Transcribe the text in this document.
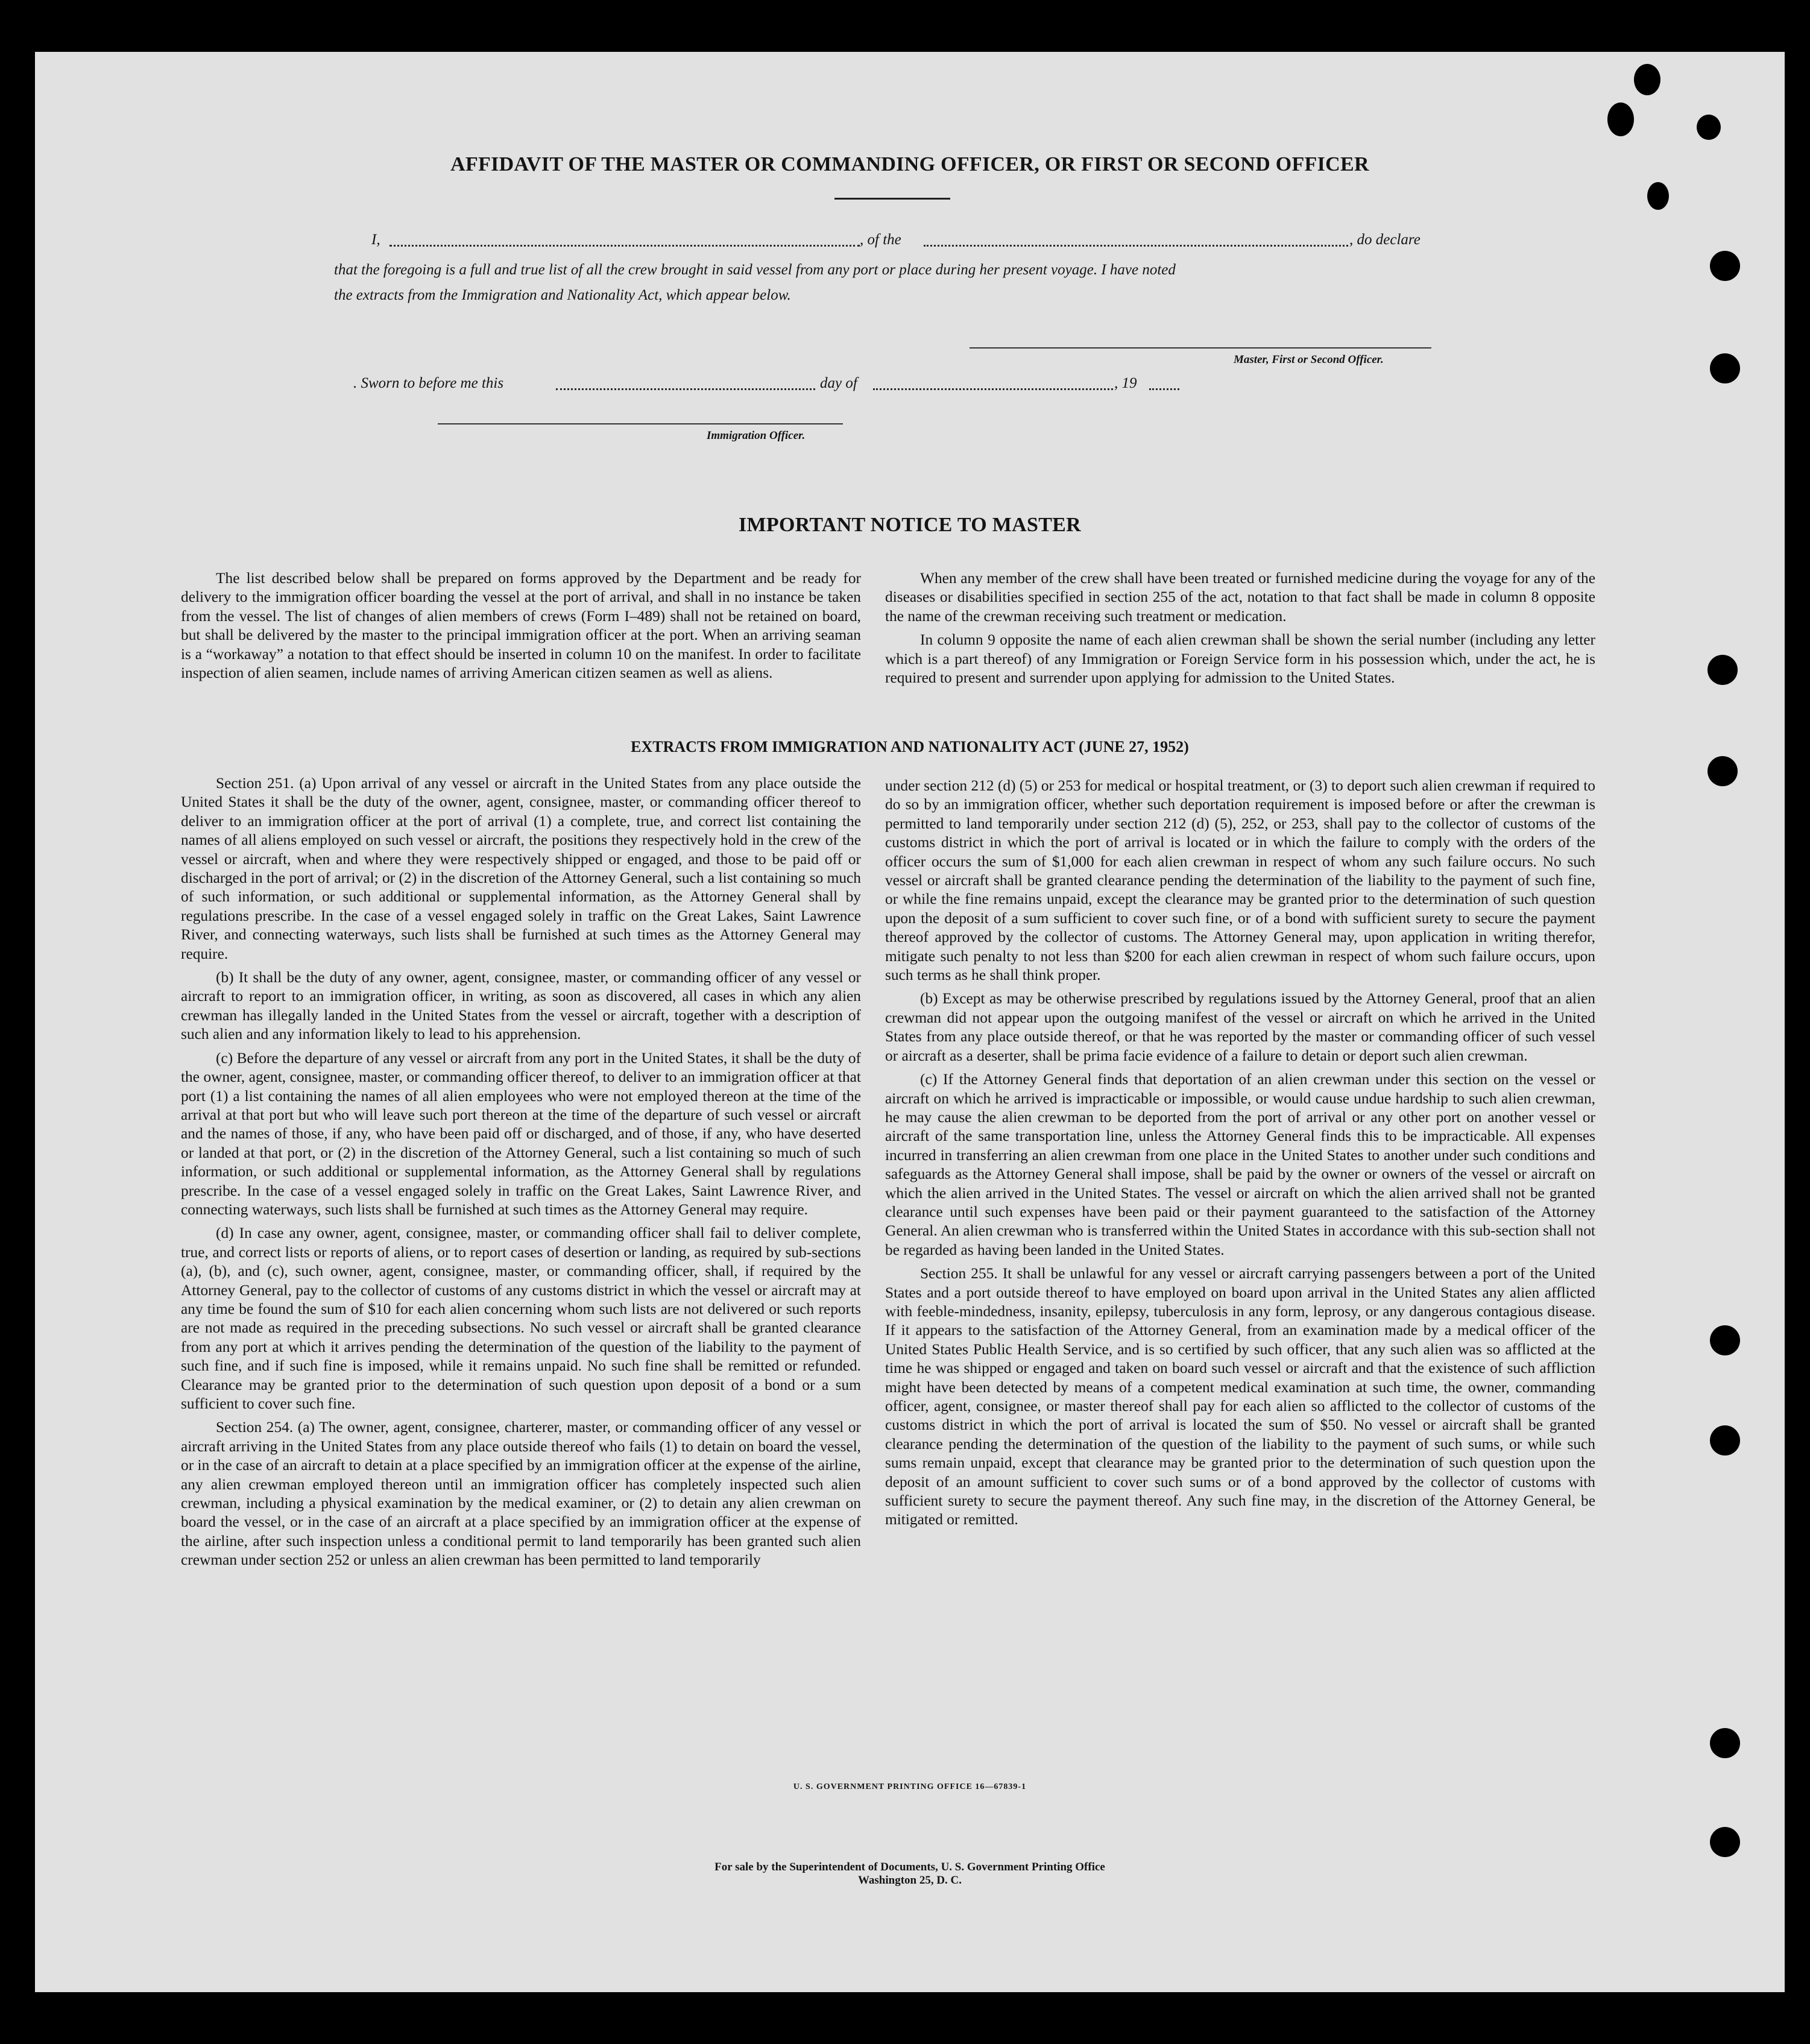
AFFIDAVIT OF THE MASTER OR COMMANDING OFFICER, OR FIRST OR SECOND OFFICER
I,	, of the	, do declare
that the foregoing is a full and true list of all the crew brought in said vessel from any port or place during her present voyage. I have noted
the extracts from the Immigration and Nationality Act, which appear below.
Master, First or Second Officer.
. Sworn to before me this	day of	, 19
Immigration Officer.
IMPORTANT NOTICE TO MASTER

The list described below shall be prepared on forms approved by the Department and be ready for delivery to the immigration officer boarding the vessel at the port of arrival, and shall in no instance be taken from the vessel. The list of changes of alien members of crews (Form I–489) shall not be retained on board, but shall be delivered by the master to the principal immigration officer at the port. When an arriving seaman is a “workaway” a notation to that effect should be inserted in column 10 on the manifest. In order to facilitate inspection of alien seamen, include names of arriving American citizen seamen as well as aliens.

When any member of the crew shall have been treated or furnished medicine during the voyage for any of the diseases or disabilities specified in section 255 of the act, notation to that fact shall be made in column 8 opposite the name of the crewman receiving such treatment or medication.

In column 9 opposite the name of each alien crewman shall be shown the serial number (including any letter which is a part thereof) of any Immigration or Foreign Service form in his possession which, under the act, he is required to present and surrender upon applying for admission to the United States.

EXTRACTS FROM IMMIGRATION AND NATIONALITY ACT (JUNE 27, 1952)

Section 251. (a) Upon arrival of any vessel or aircraft in the United States from any place outside the United States it shall be the duty of the owner, agent, consignee, master, or commanding officer thereof to deliver to an immigration officer at the port of arrival (1) a complete, true, and correct list containing the names of all aliens employed on such vessel or aircraft, the positions they respectively hold in the crew of the vessel or aircraft, when and where they were respectively shipped or engaged, and those to be paid off or discharged in the port of arrival; or (2) in the discretion of the Attorney General, such a list containing so much of such information, or such additional or supplemental information, as the Attorney General shall by regulations prescribe. In the case of a vessel engaged solely in traffic on the Great Lakes, Saint Lawrence River, and connecting waterways, such lists shall be furnished at such times as the Attorney General may require.

(b) It shall be the duty of any owner, agent, consignee, master, or commanding officer of any vessel or aircraft to report to an immigration officer, in writing, as soon as discovered, all cases in which any alien crewman has illegally landed in the United States from the vessel or aircraft, together with a description of such alien and any information likely to lead to his apprehension.

(c) Before the departure of any vessel or aircraft from any port in the United States, it shall be the duty of the owner, agent, consignee, master, or commanding officer thereof, to deliver to an immigration officer at that port (1) a list containing the names of all alien employees who were not employed thereon at the time of the arrival at that port but who will leave such port thereon at the time of the departure of such vessel or aircraft and the names of those, if any, who have been paid off or discharged, and of those, if any, who have deserted or landed at that port, or (2) in the discretion of the Attorney General, such a list containing so much of such information, or such additional or supplemental information, as the Attorney General shall by regulations prescribe. In the case of a vessel engaged solely in traffic on the Great Lakes, Saint Lawrence River, and connecting waterways, such lists shall be furnished at such times as the Attorney General may require.

(d) In case any owner, agent, consignee, master, or commanding officer shall fail to deliver complete, true, and correct lists or reports of aliens, or to report cases of desertion or landing, as required by sub-sections (a), (b), and (c), such owner, agent, consignee, master, or commanding officer, shall, if required by the Attorney General, pay to the collector of customs of any customs district in which the vessel or aircraft may at any time be found the sum of $10 for each alien concerning whom such lists are not delivered or such reports are not made as required in the preceding subsections. No such vessel or aircraft shall be granted clearance from any port at which it arrives pending the determination of the question of the liability to the payment of such fine, and if such fine is imposed, while it remains unpaid. No such fine shall be remitted or refunded. Clearance may be granted prior to the determination of such question upon deposit of a bond or a sum sufficient to cover such fine.

Section 254. (a) The owner, agent, consignee, charterer, master, or commanding officer of any vessel or aircraft arriving in the United States from any place outside thereof who fails (1) to detain on board the vessel, or in the case of an aircraft to detain at a place specified by an immigration officer at the expense of the airline, any alien crewman employed thereon until an immigration officer has completely inspected such alien crewman, including a physical examination by the medical examiner, or (2) to detain any alien crewman on board the vessel, or in the case of an aircraft at a place specified by an immigration officer at the expense of the airline, after such inspection unless a conditional permit to land temporarily has been granted such alien crewman under section 252 or unless an alien crewman has been permitted to land temporarily

under section 212 (d) (5) or 253 for medical or hospital treatment, or (3) to deport such alien crewman if required to do so by an immigration officer, whether such deportation requirement is imposed before or after the crewman is permitted to land temporarily under section 212 (d) (5), 252, or 253, shall pay to the collector of customs of the customs district in which the port of arrival is located or in which the failure to comply with the orders of the officer occurs the sum of $1,000 for each alien crewman in respect of whom any such failure occurs. No such vessel or aircraft shall be granted clearance pending the determination of the liability to the payment of such fine, or while the fine remains unpaid, except the clearance may be granted prior to the determination of such question upon the deposit of a sum sufficient to cover such fine, or of a bond with sufficient surety to secure the payment thereof approved by the collector of customs. The Attorney General may, upon application in writing therefor, mitigate such penalty to not less than $200 for each alien crewman in respect of whom such failure occurs, upon such terms as he shall think proper.

(b) Except as may be otherwise prescribed by regulations issued by the Attorney General, proof that an alien crewman did not appear upon the outgoing manifest of the vessel or aircraft on which he arrived in the United States from any place outside thereof, or that he was reported by the master or commanding officer of such vessel or aircraft as a deserter, shall be prima facie evidence of a failure to detain or deport such alien crewman.

(c) If the Attorney General finds that deportation of an alien crewman under this section on the vessel or aircraft on which he arrived is impracticable or impossible, or would cause undue hardship to such alien crewman, he may cause the alien crewman to be deported from the port of arrival or any other port on another vessel or aircraft of the same transportation line, unless the Attorney General finds this to be impracticable. All expenses incurred in transferring an alien crewman from one place in the United States to another under such conditions and safeguards as the Attorney General shall impose, shall be paid by the owner or owners of the vessel or aircraft on which the alien arrived in the United States. The vessel or aircraft on which the alien arrived shall not be granted clearance until such expenses have been paid or their payment guaranteed to the satisfaction of the Attorney General. An alien crewman who is transferred within the United States in accordance with this sub-section shall not be regarded as having been landed in the United States.

Section 255. It shall be unlawful for any vessel or aircraft carrying passengers between a port of the United States and a port outside thereof to have employed on board upon arrival in the United States any alien afflicted with feeble-mindedness, insanity, epilepsy, tuberculosis in any form, leprosy, or any dangerous contagious disease. If it appears to the satisfaction of the Attorney General, from an examination made by a medical officer of the United States Public Health Service, and is so certified by such officer, that any such alien was so afflicted at the time he was shipped or engaged and taken on board such vessel or aircraft and that the existence of such affliction might have been detected by means of a competent medical examination at such time, the owner, commanding officer, agent, consignee, or master thereof shall pay for each alien so afflicted to the collector of customs of the customs district in which the port of arrival is located the sum of $50. No vessel or aircraft shall be granted clearance pending the determination of the question of the liability to the payment of such sums, or while such sums remain unpaid, except that clearance may be granted prior to the determination of such question upon the deposit of an amount sufficient to cover such sums or of a bond approved by the collector of customs with sufficient surety to secure the payment thereof. Any such fine may, in the discretion of the Attorney General, be mitigated or remitted.

U. S. GOVERNMENT PRINTING OFFICE 16—67839-1
For sale by the Superintendent of Documents, U. S. Government Printing Office
Washington 25, D. C.
